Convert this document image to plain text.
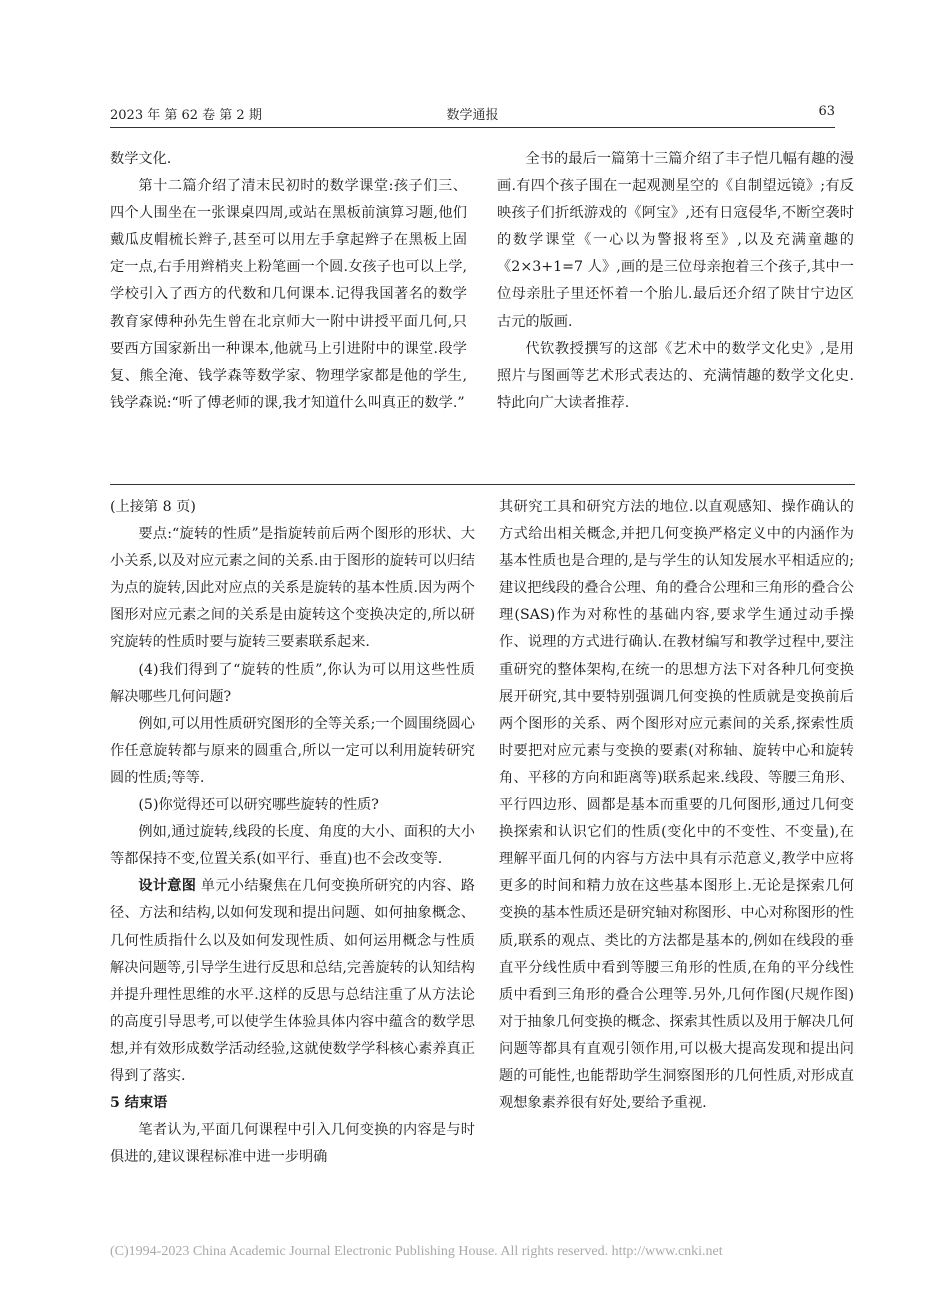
2023 年 第 62 卷 第 2 期	数学通报	63

数学文化.

第十二篇介绍了清末民初时的数学课堂:孩子们三、四个人围坐在一张课桌四周,或站在黑板前演算习题,他们戴瓜皮帽梳长辫子,甚至可以用左手拿起辫子在黑板上固定一点,右手用辫梢夹上粉笔画一个圆.女孩子也可以上学,学校引入了西方的代数和几何课本.记得我国著名的数学教育家傅种孙先生曾在北京师大一附中讲授平面几何,只要西方国家新出一种课本,他就马上引进附中的课堂.段学复、熊全淹、钱学森等数学家、物理学家都是他的学生,钱学森说:“听了傅老师的课,我才知道什么叫真正的数学.”

全书的最后一篇第十三篇介绍了丰子恺几幅有趣的漫画.有四个孩子围在一起观测星空的《自制望远镜》;有反映孩子们折纸游戏的《阿宝》,还有日寇侵华,不断空袭时的数学课堂《一心以为警报将至》,以及充满童趣的《2×3+1=7 人》,画的是三位母亲抱着三个孩子,其中一位母亲肚子里还怀着一个胎儿.最后还介绍了陕甘宁边区古元的版画.

代钦教授撰写的这部《艺术中的数学文化史》,是用照片与图画等艺术形式表达的、充满情趣的数学文化史.特此向广大读者推荐.

(上接第 8 页)

要点:“旋转的性质”是指旋转前后两个图形的形状、大小关系,以及对应元素之间的关系.由于图形的旋转可以归结为点的旋转,因此对应点的关系是旋转的基本性质.因为两个图形对应元素之间的关系是由旋转这个变换决定的,所以研究旋转的性质时要与旋转三要素联系起来.

(4)我们得到了“旋转的性质”,你认为可以用这些性质解决哪些几何问题?

例如,可以用性质研究图形的全等关系;一个圆围绕圆心作任意旋转都与原来的圆重合,所以一定可以利用旋转研究圆的性质;等等.

(5)你觉得还可以研究哪些旋转的性质?

例如,通过旋转,线段的长度、角度的大小、面积的大小等都保持不变,位置关系(如平行、垂直)也不会改变等.

设计意图 单元小结聚焦在几何变换所研究的内容、路径、方法和结构,以如何发现和提出问题、如何抽象概念、几何性质指什么以及如何发现性质、如何运用概念与性质解决问题等,引导学生进行反思和总结,完善旋转的认知结构并提升理性思维的水平.这样的反思与总结注重了从方法论的高度引导思考,可以使学生体验具体内容中蕴含的数学思想,并有效形成数学活动经验,这就使数学学科核心素养真正得到了落实.

5 结束语

笔者认为,平面几何课程中引入几何变换的内容是与时俱进的,建议课程标准中进一步明确

其研究工具和研究方法的地位.以直观感知、操作确认的方式给出相关概念,并把几何变换严格定义中的内涵作为基本性质也是合理的,是与学生的认知发展水平相适应的;建议把线段的叠合公理、角的叠合公理和三角形的叠合公理(SAS)作为对称性的基础内容,要求学生通过动手操作、说理的方式进行确认.在教材编写和教学过程中,要注重研究的整体架构,在统一的思想方法下对各种几何变换展开研究,其中要特别强调几何变换的性质就是变换前后两个图形的关系、两个图形对应元素间的关系,探索性质时要把对应元素与变换的要素(对称轴、旋转中心和旋转角、平移的方向和距离等)联系起来.线段、等腰三角形、平行四边形、圆都是基本而重要的几何图形,通过几何变换探索和认识它们的性质(变化中的不变性、不变量),在理解平面几何的内容与方法中具有示范意义,教学中应将更多的时间和精力放在这些基本图形上.无论是探索几何变换的基本性质还是研究轴对称图形、中心对称图形的性质,联系的观点、类比的方法都是基本的,例如在线段的垂直平分线性质中看到等腰三角形的性质,在角的平分线性质中看到三角形的叠合公理等.另外,几何作图(尺规作图)对于抽象几何变换的概念、探索其性质以及用于解决几何问题等都具有直观引领作用,可以极大提高发现和提出问题的可能性,也能帮助学生洞察图形的几何性质,对形成直观想象素养很有好处,要给予重视.

(C)1994-2023 China Academic Journal Electronic Publishing House. All rights reserved. http://www.cnki.net
